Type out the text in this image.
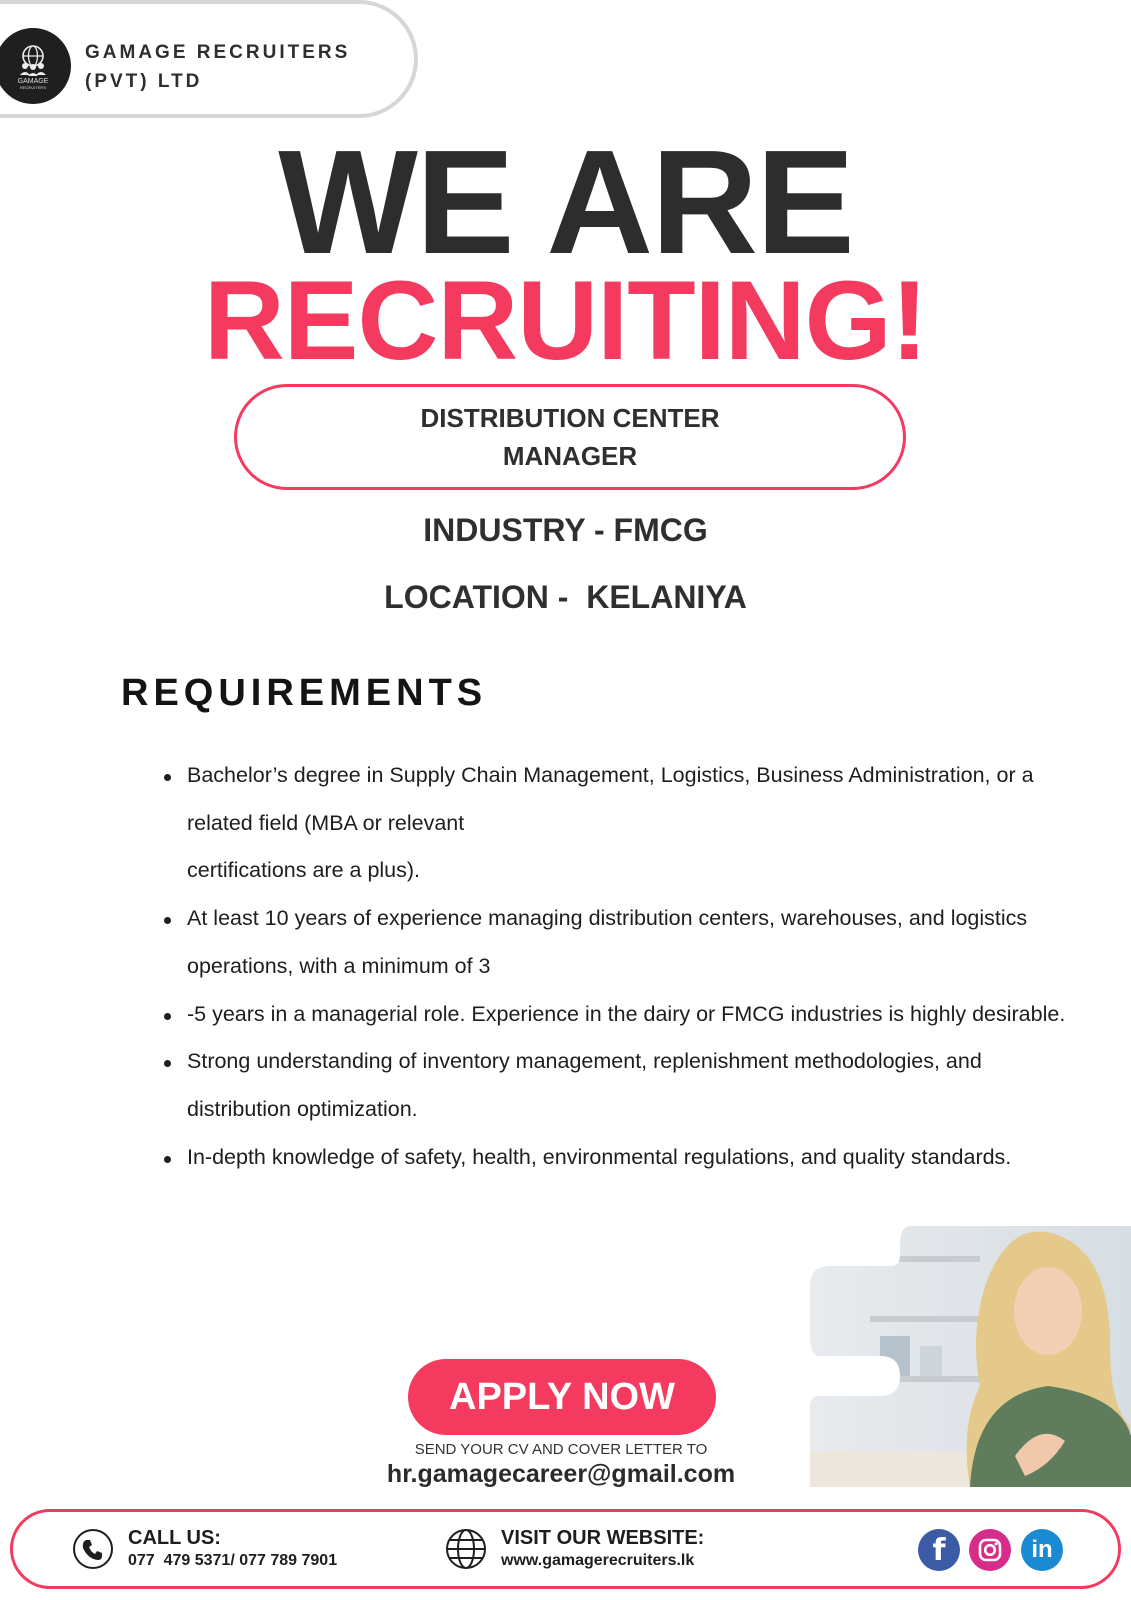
GAMAGE
RECRUITERS
GAMAGE RECRUITERS
(PVT) LTD
WE ARE
RECRUITING!
DISTRIBUTION CENTER MANAGER
INDUSTRY - FMCG
LOCATION -  KELANIYA
REQUIREMENTS
Bachelor’s degree in Supply Chain Management, Logistics, Business Administration, or a related field (MBA or relevant
certifications are a plus).
At least 10 years of experience managing distribution centers, warehouses, and logistics operations, with a minimum of 3
-5 years in a managerial role. Experience in the dairy or FMCG industries is highly desirable.
Strong understanding of inventory management, replenishment methodologies, and distribution optimization.
In-depth knowledge of safety, health, environmental regulations, and quality standards.
APPLY NOW
SEND YOUR CV AND COVER LETTER TO
hr.gamagecareer@gmail.com
CALL US:
077  479 5371/ 077 789 7901
VISIT OUR WEBSITE:
www.gamagerecruiters.lk	f	in
